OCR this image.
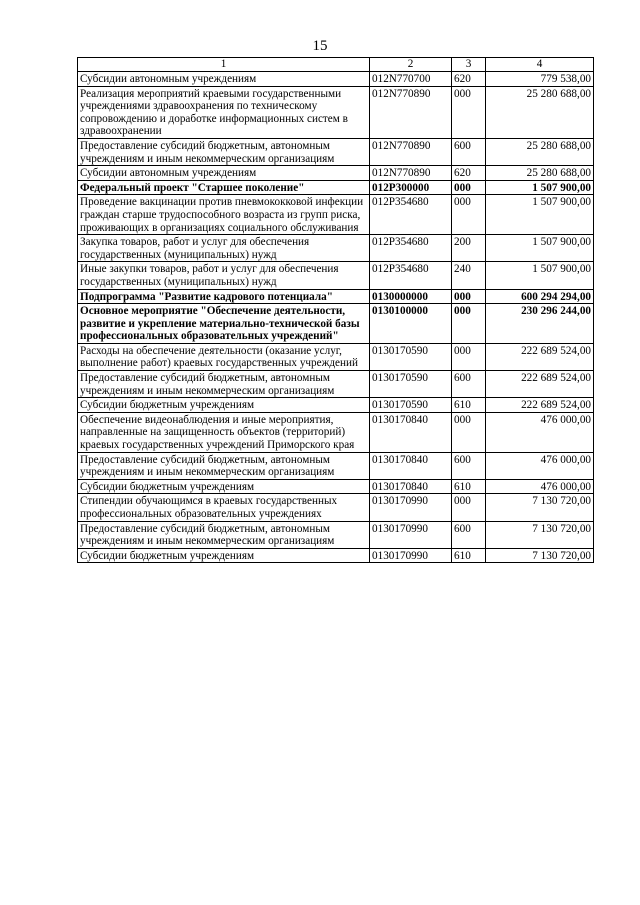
15
1	2	3	4
Субсидии автономным учреждениям	012N770700	620	779 538,00
Реализация мероприятий краевыми государственными учреждениями здравоохранения по техническому сопровождению и доработке информационных систем в здравоохранении	012N770890	000	25 280 688,00
Предоставление субсидий бюджетным, автономным учреждениям и иным некоммерческим организациям	012N770890	600	25 280 688,00
Субсидии автономным учреждениям	012N770890	620	25 280 688,00
Федеральный проект "Старшее поколение"	012P300000	000	1 507 900,00
Проведение вакцинации против пневмококковой инфекции граждан старше трудоспособного возраста из групп риска, проживающих в организациях социального обслуживания	012P354680	000	1 507 900,00
Закупка товаров, работ и услуг для обеспечения государственных (муниципальных) нужд	012P354680	200	1 507 900,00
Иные закупки товаров, работ и услуг для обеспечения государственных (муниципальных) нужд	012P354680	240	1 507 900,00
Подпрограмма "Развитие кадрового потенциала"	0130000000	000	600 294 294,00
Основное мероприятие "Обеспечение деятельности, развитие и укрепление материально-технической базы профессиональных образовательных учреждений"	0130100000	000	230 296 244,00
Расходы на обеспечение деятельности (оказание услуг, выполнение работ) краевых государственных учреждений	0130170590	000	222 689 524,00
Предоставление субсидий бюджетным, автономным учреждениям и иным некоммерческим организациям	0130170590	600	222 689 524,00
Субсидии бюджетным учреждениям	0130170590	610	222 689 524,00
Обеспечение видеонаблюдения и иные мероприятия, направленные на защищенность объектов (территорий) краевых государственных учреждений Приморского края	0130170840	000	476 000,00
Предоставление субсидий бюджетным, автономным учреждениям и иным некоммерческим организациям	0130170840	600	476 000,00
Субсидии бюджетным учреждениям	0130170840	610	476 000,00
Стипендии обучающимся в краевых государственных профессиональных образовательных учреждениях	0130170990	000	7 130 720,00
Предоставление субсидий бюджетным, автономным учреждениям и иным некоммерческим организациям	0130170990	600	7 130 720,00
Субсидии бюджетным учреждениям	0130170990	610	7 130 720,00
